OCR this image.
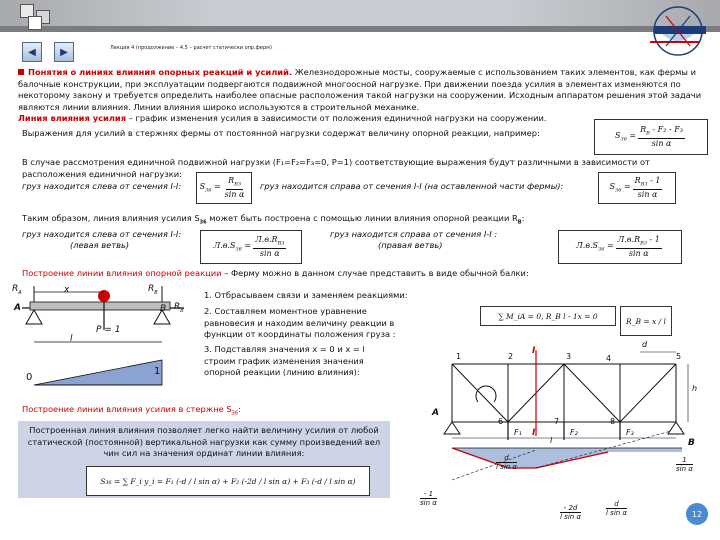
◀ ▶	Лекция 4 (продолжение – 4.5 – расчет статически опр.ферм)
Понятия о линиях влияния опорных реакций и усилий. Железнодорожные мосты, сооружаемые с использованием таких элементов, как фермы и балочные конструкции, при эксплуатации подвергаются подвижной многоосной нагрузке. При движении поезда усилия в элементах изменяются по некоторому закону и требуется определить наиболее опасные расположения такой нагрузки на сооружении. Исходным аппаратом решения этой задачи являются линии влияния. Линии влияния широко используются в строительной механике.
Линия влияния усилия – график изменения усилия в зависимости от положения единичной нагрузки на сооружении.
Выражения для усилий в стержнях фермы от постоянной нагрузки содержат величину опорной реакции, например:	$S_{36} = \frac{R_B - F_2 - F_3}{\text{sin α}}$
В случае рассмотрения единичной подвижной нагрузки (F₁=F₂=F₃=0, P=1) соответствующие выражения будут различными в зависимости от расположения единичной нагрузки:
груз находится слева от сечения I-I: $S_{36} = \frac{R_{B3}}{\text{sin α}}$ груз находится справа от сечения I-I (на оставленной части фермы):	$S_{36} = \frac{R_{B3} - 1}{\text{sin α}}$
Таким образом, линия влияния усилия $S_{36}$ может быть построена с помощью линии влияния опорной реакции $R_B$:
груз находится слева от сечения I-I:
(левая ветвь)	$Л.в.S_{36} = \frac{Л.в.R_{B3}}{\text{sin α}}$
груз находится справа от сечения I-I :
(правая ветвь)	$Л.в.S_{36} = \frac{Л.в.R_{B3} - 1}{\text{sin α}}$
Построение линии влияния опорной реакции – Ферму можно в данном случае представить в виде обычной балки:
$R_A$	x	$R_B$
A	B $R_B$
P = 1
l
0
1
1. Отбрасываем связи и заменяем реакциями:
2. Составляем моментное уравнение равновесия и находим величину реакции в функции от координаты положения груза :
3. Подставляя значения x = 0 и x = l строим график изменения значения опорной реакции (линию влияния):
∑ M_iA = 0, R_B l - 1x = 0
R_B = x / l
1	2
I
3	4
d
5
h
A
B
6	7	8
F₁ I	F₂	F₃
l
d
l sin α
1
sin α
- 1
sin α
- 2d
l sin α
d
l sin α
Построение линии влияния усилия в стержне $S_{36}$:
Построенная линия влияния позволяет легко найти величину усилия от любой статической (постоянной) вертикальной нагрузки как сумму произведений вел чин сил на значения ординат линии влияния:
S₃₆ = ∑ F_i y_i = F₁ (-d / l sin α) + F₂ (-2d / l sin α) + F₃ (-d / l sin α)
12
